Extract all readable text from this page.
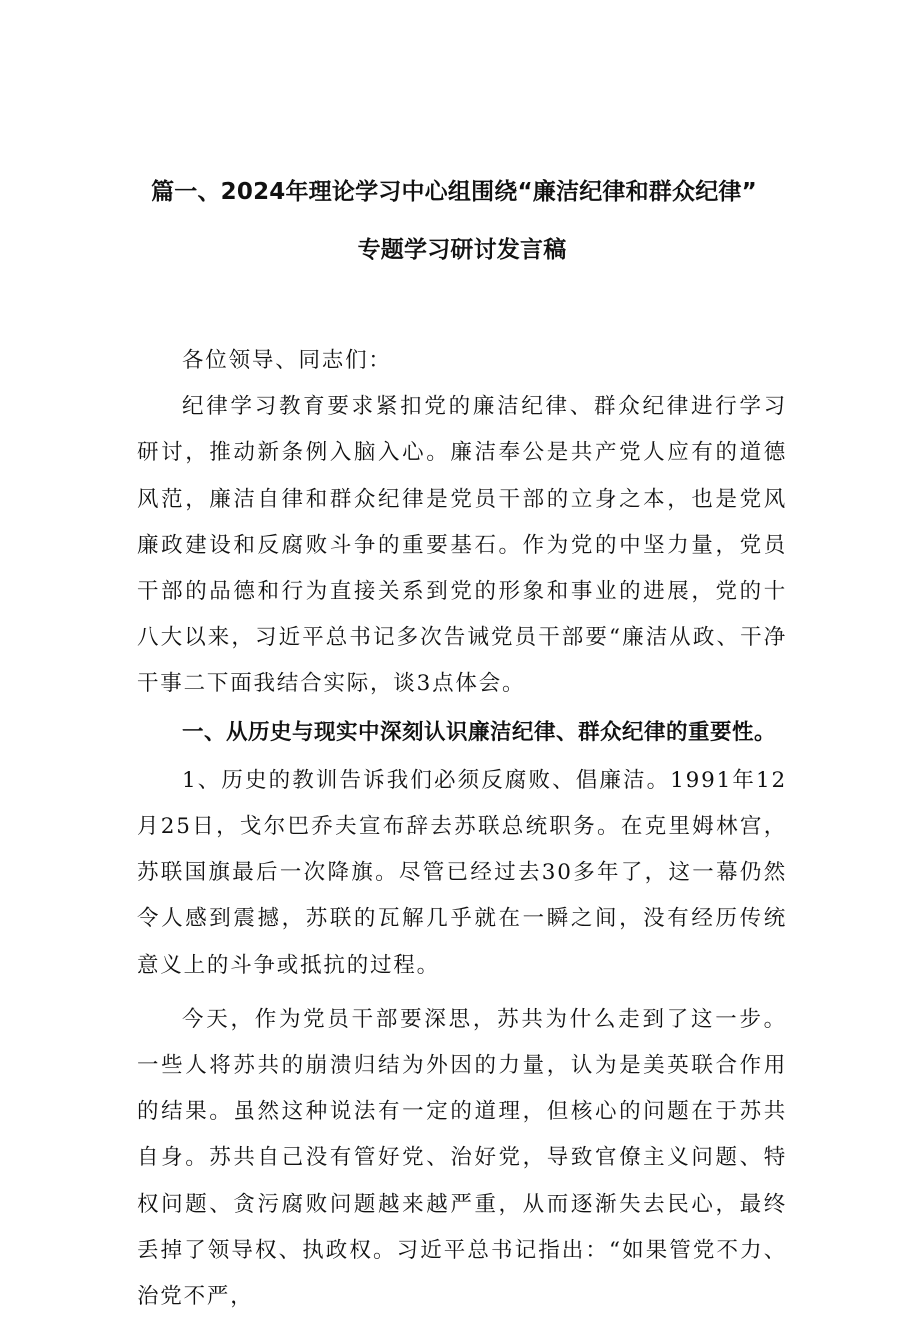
篇一、2024年理论学习中心组围绕“廉洁纪律和群众纪律”
专题学习研讨发言稿

各位领导、同志们：

纪律学习教育要求紧扣党的廉洁纪律、群众纪律进行学习研讨，推动新条例入脑入心。廉洁奉公是共产党人应有的道德风范，廉洁自律和群众纪律是党员干部的立身之本，也是党风廉政建设和反腐败斗争的重要基石。作为党的中坚力量，党员干部的品德和行为直接关系到党的形象和事业的进展，党的十八大以来，习近平总书记多次告诫党员干部要“廉洁从政、干净干事二下面我结合实际，谈3点体会。

一、从历史与现实中深刻认识廉洁纪律、群众纪律的重要性。

1、历史的教训告诉我们必须反腐败、倡廉洁。1991年12月25日，戈尔巴乔夫宣布辞去苏联总统职务。在克里姆林宫，苏联国旗最后一次降旗。尽管已经过去30多年了，这一幕仍然令人感到震撼，苏联的瓦解几乎就在一瞬之间，没有经历传统意义上的斗争或抵抗的过程。

今天，作为党员干部要深思，苏共为什么走到了这一步。一些人将苏共的崩溃归结为外因的力量，认为是美英联合作用的结果。虽然这种说法有一定的道理，但核心的问题在于苏共自身。苏共自己没有管好党、治好党，导致官僚主义问题、特权问题、贪污腐败问题越来越严重，从而逐渐失去民心，最终丢掉了领导权、执政权。习近平总书记指出：“如果管党不力、治党不严，
